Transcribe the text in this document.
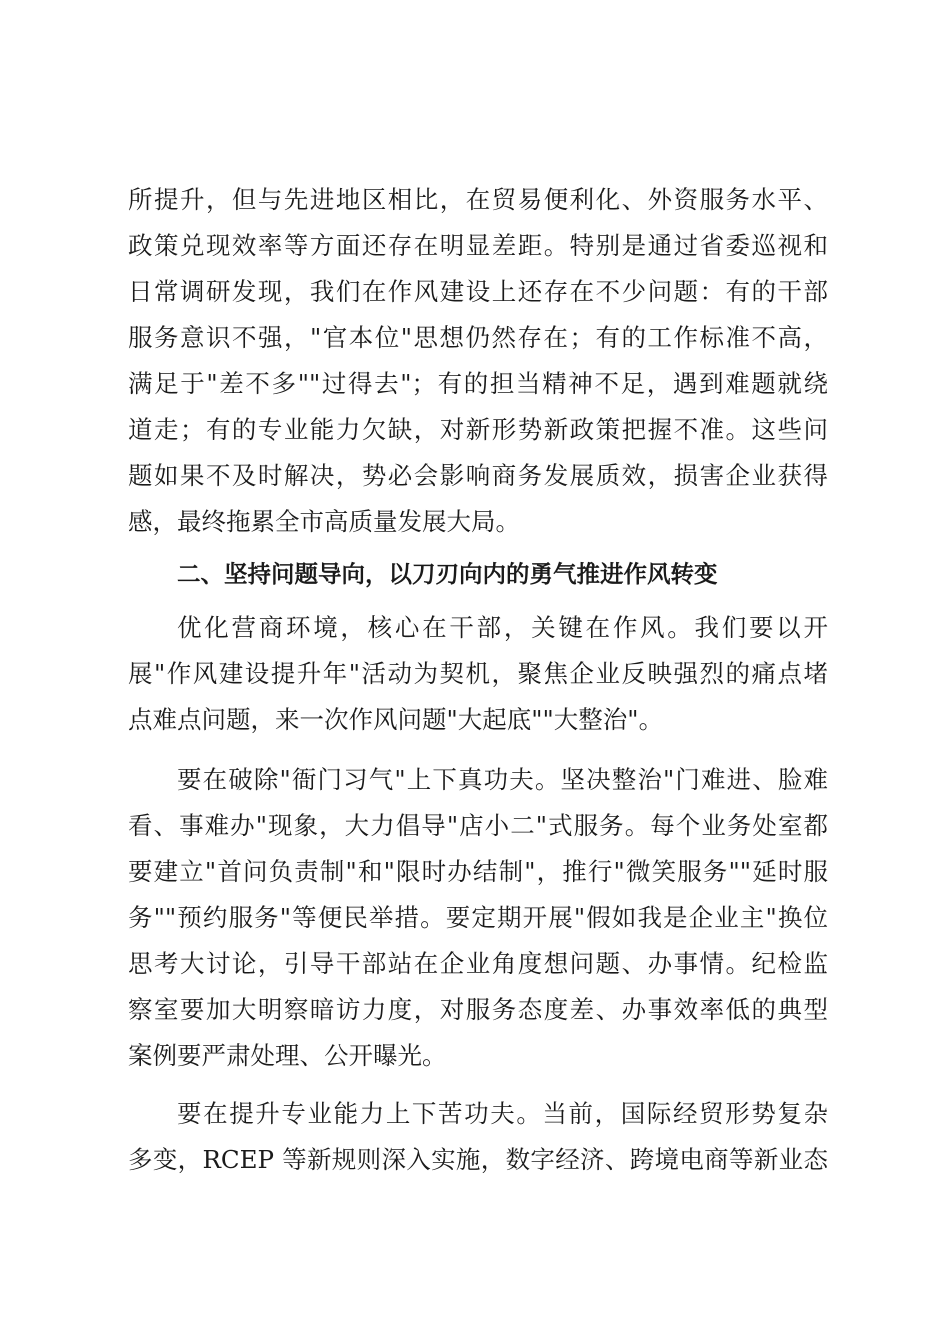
所提升，但与先进地区相比，在贸易便利化、外资服务水平、
政策兑现效率等方面还存在明显差距。特别是通过省委巡视和
日常调研发现，我们在作风建设上还存在不少问题：有的干部
服务意识不强，"官本位"思想仍然存在；有的工作标准不高，
满足于"差不多""过得去"；有的担当精神不足，遇到难题就绕
道走；有的专业能力欠缺，对新形势新政策把握不准。这些问
题如果不及时解决，势必会影响商务发展质效，损害企业获得
感，最终拖累全市高质量发展大局。
二、坚持问题导向，以刀刃向内的勇气推进作风转变
优化营商环境，核心在干部，关键在作风。我们要以开
展"作风建设提升年"活动为契机，聚焦企业反映强烈的痛点堵
点难点问题，来一次作风问题"大起底""大整治"。
要在破除"衙门习气"上下真功夫。坚决整治"门难进、脸难
看、事难办"现象，大力倡导"店小二"式服务。每个业务处室都
要建立"首问负责制"和"限时办结制"，推行"微笑服务""延时服
务""预约服务"等便民举措。要定期开展"假如我是企业主"换位
思考大讨论，引导干部站在企业角度想问题、办事情。纪检监
察室要加大明察暗访力度，对服务态度差、办事效率低的典型
案例要严肃处理、公开曝光。
要在提升专业能力上下苦功夫。当前，国际经贸形势复杂
多变，RCEP 等新规则深入实施，数字经济、跨境电商等新业态
